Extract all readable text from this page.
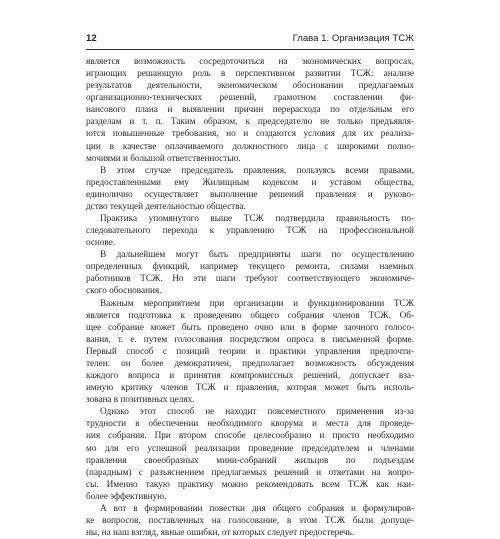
12	Глава 1. Организация ТСЖ
является возможность сосредоточиться на экономических вопросах,
играющих решающую роль в перспективном развитии ТСЖ: анализе
результатов деятельности, экономическом обосновании предлагаемых
организационно-технических решений, грамотном составлении фи-
нансового плана и выявлении причин перерасхода по отдельным его
разделам и т. п. Таким образом, к председателю не только предъявля-
ются повышенные требования, но и создаются условия для их реализа-
ции в качестве оплачиваемого должностного лица с широкими полно-
мочиями и большой ответственностью.
В этом случае председатель правления, пользуясь всеми правами,
предоставленными ему Жилищным кодексом и уставом общества,
единолично осуществляет выполнение решений правления и руково-
дство текущей деятельностью общества.
Практика упомянутого выше ТСЖ подтвердила правильность по-
следовательного перехода к управлению ТСЖ на профессиональной
основе.
В дальнейшем могут быть предприняты шаги по осуществлению
определенных функций, например текущего ремонта, силами наемных
работников ТСЖ. Но эти шаги требуют соответствующего экономиче-
ского обоснования.
Важным мероприятием при организации и функционировании ТСЖ
является подготовка к проведению общего собрания членов ТСЖ. Об-
щее собрание может быть проведено очно или в форме заочного голосо-
вания, т. е. путем голосования посредством опроса в письменной форме.
Первый способ с позиций теории и практики управления предпочти-
телен: он более демократичен, предполагает возможность обсуждения
каждого вопроса и принятия компромиссных решений, допускает вза-
имную критику членов ТСЖ и правления, которая может быть исполь-
зована в позитивных целях.
Однако этот способ не находит повсеместного применения из-за
трудности в обеспечении необходимого кворума и места для проведе-
ния собрания. При втором способе целесообразно и просто необходимо
мо для его успешной реализации проведение председателем и членами
правления своеобразных мини-собраний жильцов по подъездам
(парадным) с разъяснением предлагаемых решений и ответами на вопро-
сы. Именно такую практику можно рекомендовать всем ТСЖ как наи-
более эффективную.
А вот в формировании повестки дня общего собрания и формулиров-
ке вопросов, поставленных на голосование, в этом ТСЖ были допуще-
ны, на наш взгляд, явные ошибки, от которых следует предостеречь.
